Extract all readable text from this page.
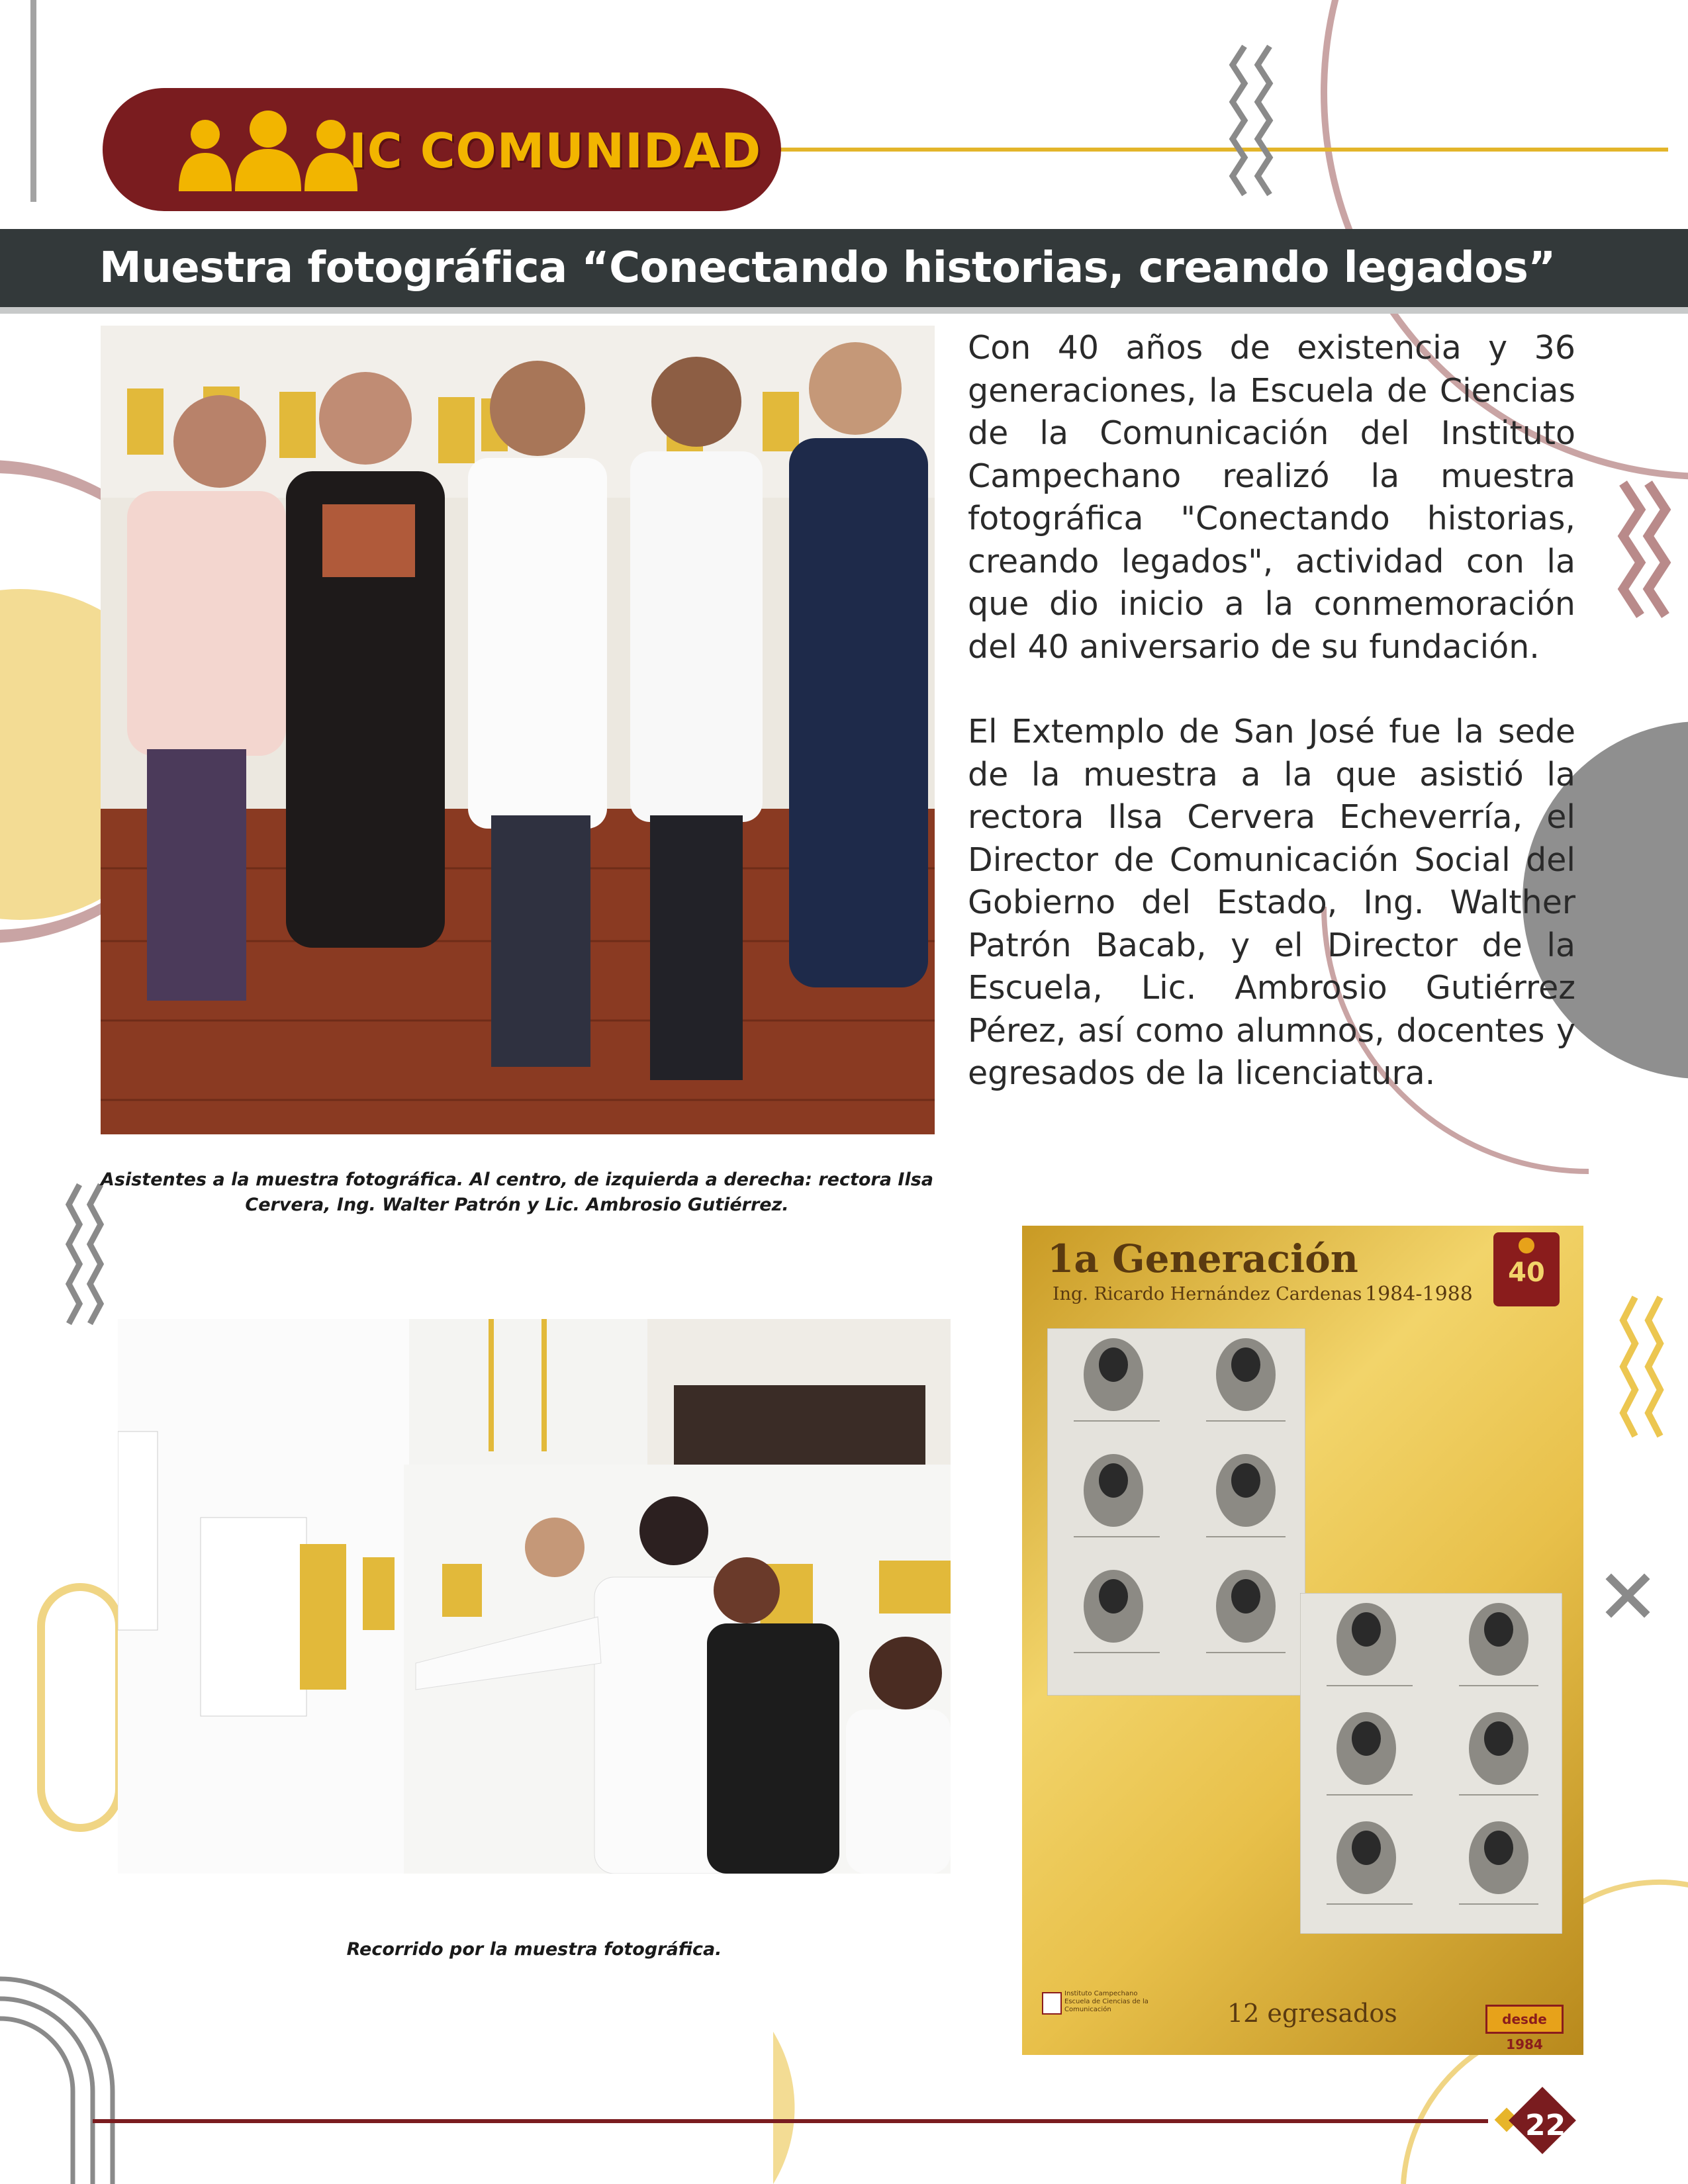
IC COMUNIDAD
Muestra fotográfica “Conectando historias, creando legados”
Asistentes a la muestra fotográfica. Al centro, de izquierda a derecha: rectora Ilsa Cervera, Ing. Walter Patrón y Lic. Ambrosio Gutiérrez.

Con 40 años de existencia y 36 generaciones, la Escuela de Ciencias de la Comunicación del Instituto Campechano realizó la muestra fotográfica "Conectando historias, creando legados", actividad con la que dio inicio a la conmemoración del 40 aniversario de su fundación.

El Extemplo de San José fue la sede de la muestra a la que asistió la rectora Ilsa Cervera Echeverría, el Director de Comunicación Social del Gobierno del Estado, Ing. Walther Patrón Bacab, y el Director de la Escuela, Lic. Ambrosio Gutiérrez Pérez, así como alumnos, docentes y egresados de la licenciatura.

Recorrido por la muestra fotográfica.
1a Generación
Ing. Ricardo Hernández Cardenas 1984-1988
40
Instituto Campechano Escuela de Ciencias de la Comunicación	12 egresados	desde 1984
22
